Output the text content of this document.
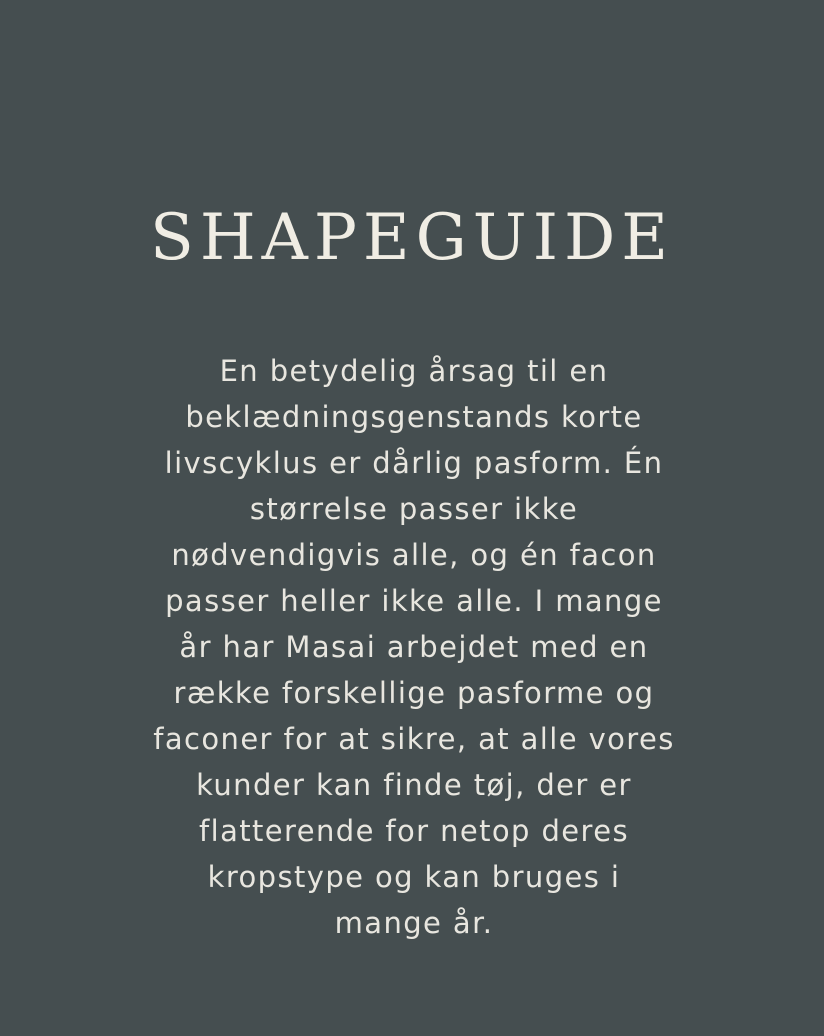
SHAPEGUIDE

En betydelig årsag til en
beklædningsgenstands korte
livscyklus er dårlig pasform. Én
størrelse passer ikke
nødvendigvis alle, og én facon
passer heller ikke alle. I mange
år har Masai arbejdet med en
række forskellige pasforme og
faconer for at sikre, at alle vores
kunder kan finde tøj, der er
flatterende for netop deres
kropstype og kan bruges i
mange år.
